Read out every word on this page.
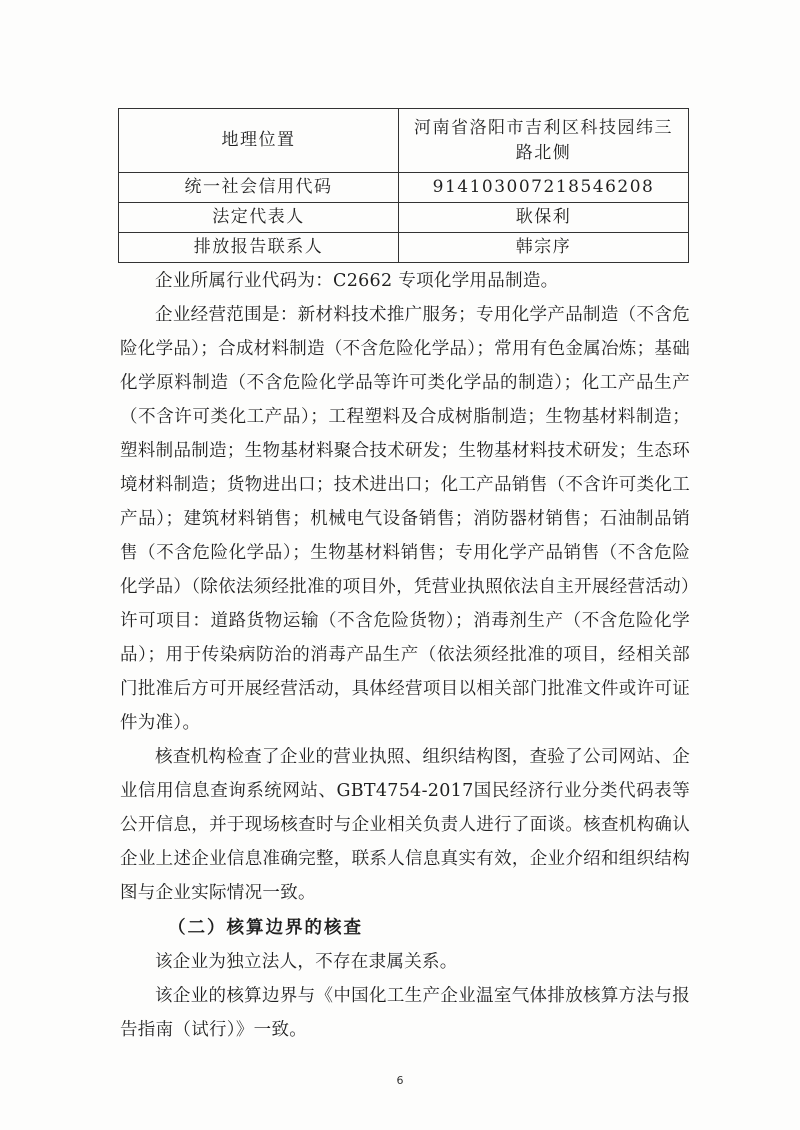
地理位置	河南省洛阳市吉利区科技园纬三路北侧
统一社会信用代码	91410300721854620​8
法定代表人	耿保利
排放报告联系人	韩宗序

企业所属行业代码为：C2662 专项化学用品制造。

企业经营范围是：新材料技术推广服务；专用化学产品制造（不含危险化学品）；合成材料制造（不含危险化学品）；常用有色金属冶炼；基础化学原料制造（不含危险化学品等许可类化学品的制造）；化工产品生产（不含许可类化工产品）；工程塑料及合成树脂制造；生物基材料制造；塑料制品制造；生物基材料聚合技术研发；生物基材料技术研发；生态环境材料制造；货物进出口；技术进出口；化工产品销售（不含许可类化工产品）；建筑材料销售；机械电气设备销售；消防器材销售；石油制品销售（不含危险化学品）；生物基材料销售；专用化学产品销售（不含危险化学品）（除依法须经批准的项目外，凭营业执照依法自主开展经营活动）许可项目：道路货物运输（不含危险货物）；消毒剂生产（不含危险化学品）；用于传染病防治的消毒产品生产（依法须经批准的项目，经相关部门批准后方可开展经营活动，具体经营项目以相关部门批准文件或许可证件为准）。

核查机构检查了企业的营业执照、组织结构图，查验了公司网站、企业信用信息查询系统网站、GBT4754-2017国民经济行业分类代码表等公开信息，并于现场核查时与企业相关负责人进行了面谈。核查机构确认企业上述企业信息准确完整，联系人信息真实有效，企业介绍和组织结构图与企业实际情况一致。

（二）核算边界的核查

该企业为独立法人，不存在隶属关系。

该企业的核算边界与《中国化工生产企业温室气体排放核算方法与报告指南（试行）》一致。

6
